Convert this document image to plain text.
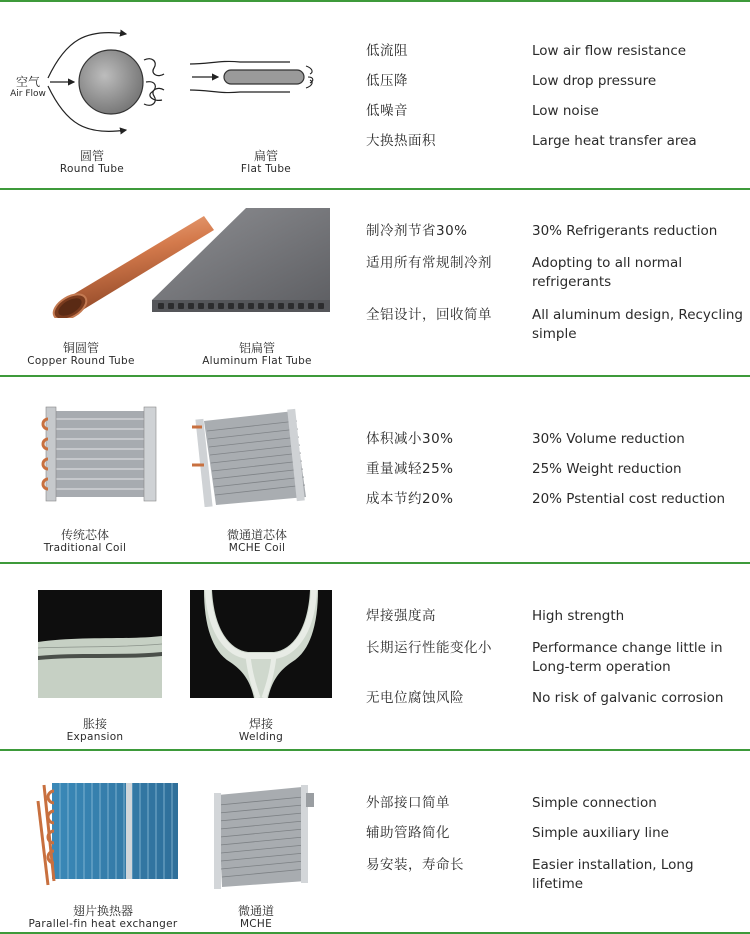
空气
Air Flow
圆管
Round Tube
扁管
Flat Tube
低流阻	Low air flow resistance
低压降	Low drop pressure
低噪音	Low noise
大换热面积	Large heat transfer area
铜圆管
Copper Round Tube
铝扁管
Aluminum Flat Tube
制冷剂节省30%	30% Refrigerants reduction
适用所有常规制冷剂	Adopting to all normal refrigerants
全铝设计，回收简单	All aluminum design, Recycling simple
传统芯体
Traditional Coil
微通道芯体
MCHE Coil
体积减小30%	30% Volume reduction
重量减轻25%	25% Weight reduction
成本节约20%	20% Pstential cost reduction
胀接
Expansion
焊接
Welding
焊接强度高	High strength
长期运行性能变化小	Performance change little in Long-term operation
无电位腐蚀风险	No risk of galvanic corrosion
翅片换热器
Parallel-fin heat exchanger
微通道
MCHE
外部接口简单	Simple connection
辅助管路简化	Simple auxiliary line
易安装，寿命长	Easier installation, Long lifetime
